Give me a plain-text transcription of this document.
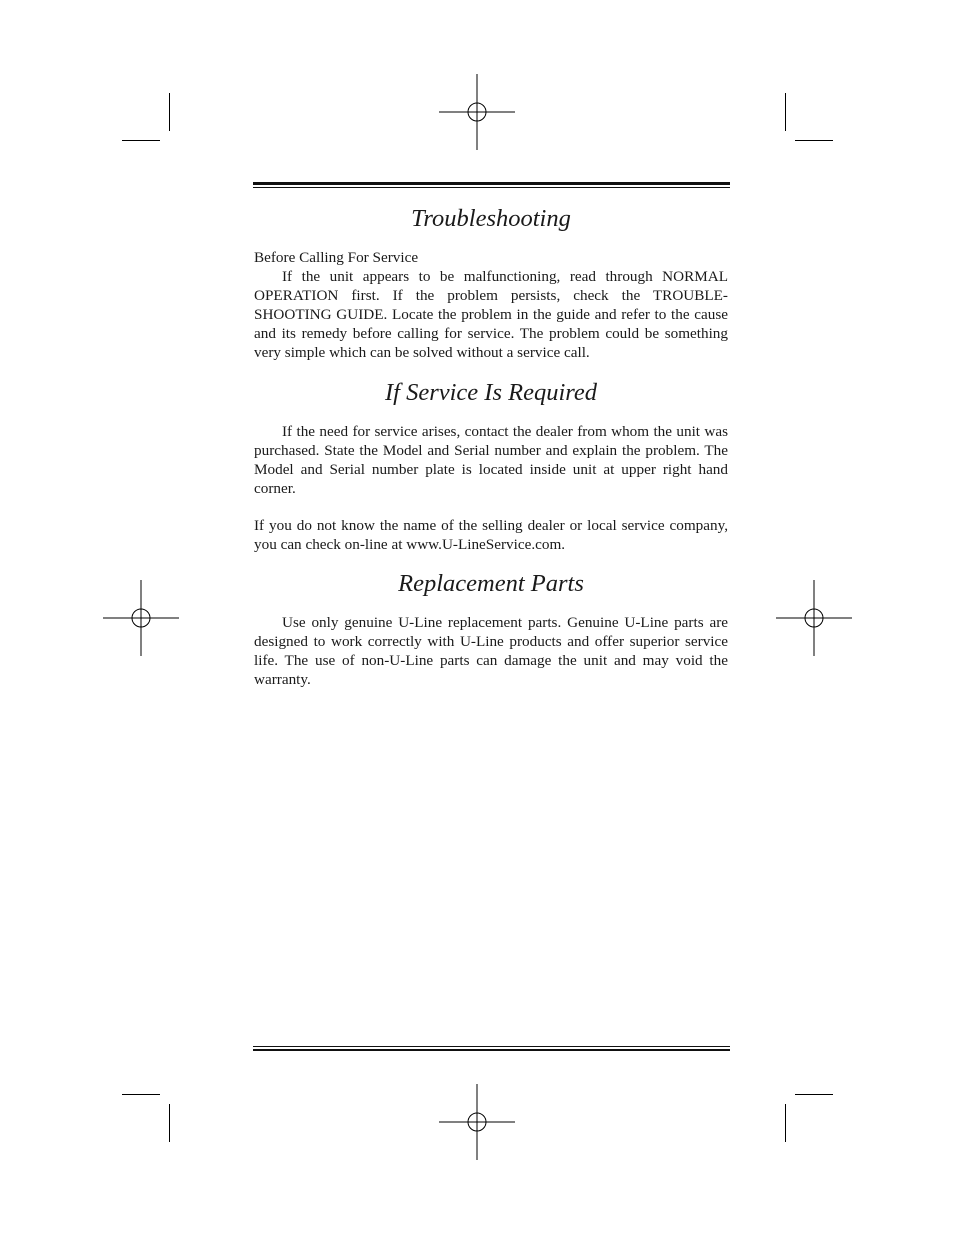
Troubleshooting

Before Calling For Service

If the unit appears to be malfunctioning, read through NORMAL OPERATION first. If the problem persists, check the TROUBLE-SHOOTING GUIDE. Locate the problem in the guide and refer to the cause and its remedy before calling for service. The problem could be something very simple which can be solved without a service call.

If Service Is Required

If the need for service arises, contact the dealer from whom the unit was purchased. State the Model and Serial number and explain the problem. The Model and Serial number plate is located inside unit at upper right hand corner.

If you do not know the name of the selling dealer or local service company, you can check on-line at www.U-LineService.com.

Replacement Parts

Use only genuine U-Line replacement parts. Genuine U-Line parts are designed to work correctly with U-Line products and offer superior service life. The use of non-U-Line parts can damage the unit and may void the warranty.
